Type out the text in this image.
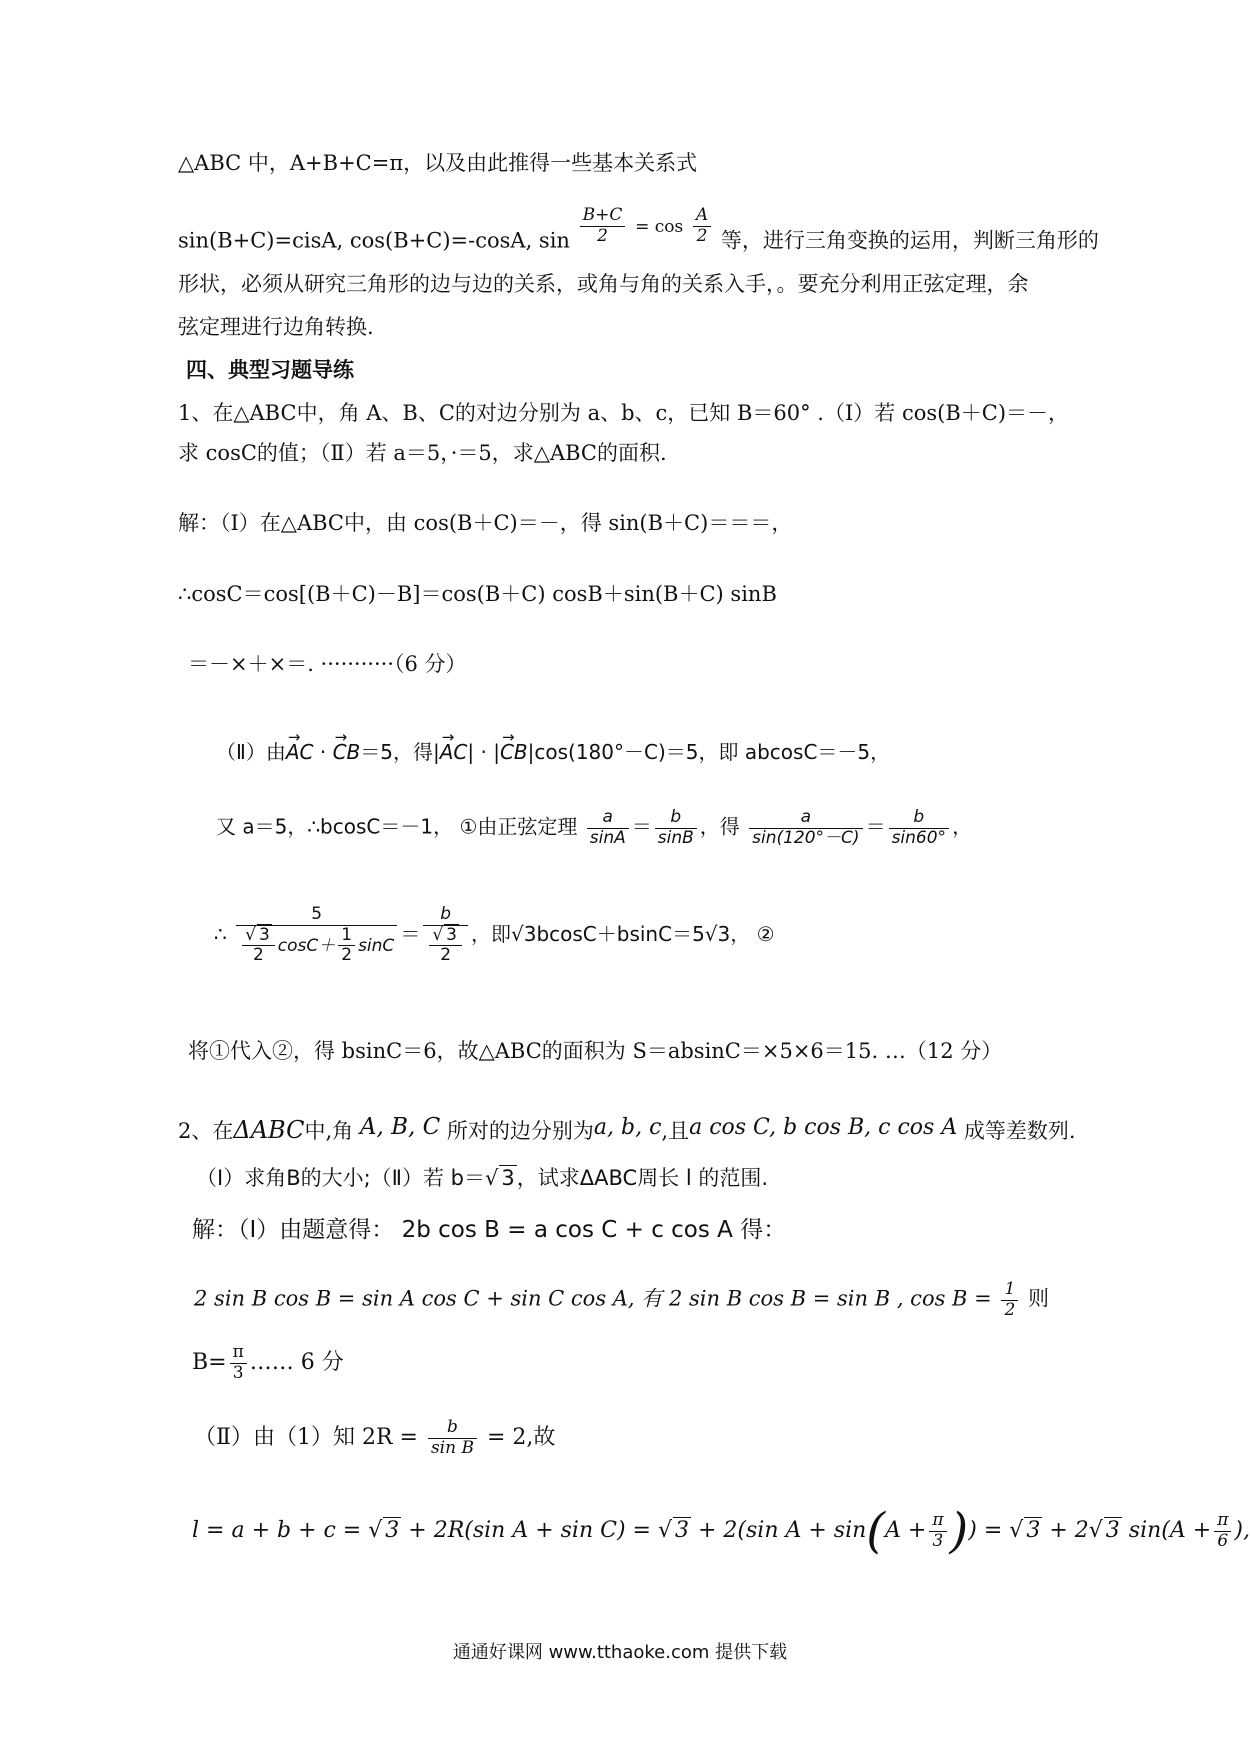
△ABC 中，A+B+C=π，以及由此推得一些基本关系式
sin(B+C)=cisA, cos(B+C)=-cosA, $\sin \frac{B+C}{2} ^{= cos} \frac{A}{2}$ 等，进行三角变换的运用，判断三角形的
形状，必须从研究三角形的边与边的关系，或角与角的关系入手，。要充分利用正弦定理，余
弦定理进行边角转换.
四、典型习题导练
1、在△ABC中，角 A、B、C的对边分别为 a、b、c，已知 B＝60° .（Ⅰ）若 cos(B＋C)＝－，
求 cosC的值；（Ⅱ）若 a＝5，·＝5，求△ABC的面积.
解：（Ⅰ）在△ABC中，由 cos(B＋C)＝－，得 sin(B＋C)＝＝＝，
∴cosC＝cos[(B＋C)－B]＝cos(B＋C) cosB＋sin(B＋C) sinB
＝－×＋×＝. ···········（6 分）
（Ⅱ）由→ AC · → CB＝5，得|→ AC| · |→ CB|cos(180°－C)＝5，即 abcosC＝－5，
又 a＝5，∴bcosC＝－1， ①由正弦定理 $\frac{a}{\sin A} = \frac{b}{\sin B}$ ，得 $\frac{a}{\sin(120^\circ-C)} = \frac{b}{\sin 60^\circ}$ ，
∴
5
$\frac{√ 3}{2} \cos C+ \frac{1}{2}$ $\sin C = \frac{b}{\frac{√ 3}{2}}$ ，即√3bcosC＋bsinC＝5√3， ②
将①代入②，得 bsinC＝6，故△ABC的面积为 S＝absinC＝×5×6＝15. …（12 分）
2、在ΔABC中,角 A, B, C 所对的边分别为a, b, c,且a cos C, b cos B, c cos A 成等差数列.
（Ⅰ）求角B的大小;（Ⅱ）若 b＝√ 3，试求ΔABC周长 l 的范围.
解：（Ⅰ）由题意得： 2b cos B = a cos C + c cos A 得：
2 sin B cos B = sin A cos C + sin C cos A, 有 2 sin B cos B = sin B , $\cos B = \frac{1}{2}$ 则
$B= \frac{\pi}{3}$ …… 6 分
（Ⅱ）由（1）知 $2R = \frac{b}{\text{sin B}} = 2$,故
l = a + b + c = √ 3 + 2R(sin A + sin C) = √ 3 + 2(sin $A + \sin(A + \frac{\pi}{3}$ )) = √ 3 + 2√ 3 $\sin(A + \frac{\pi}{6}$ ),
通通好课网 www.tthaoke.com 提供下载
